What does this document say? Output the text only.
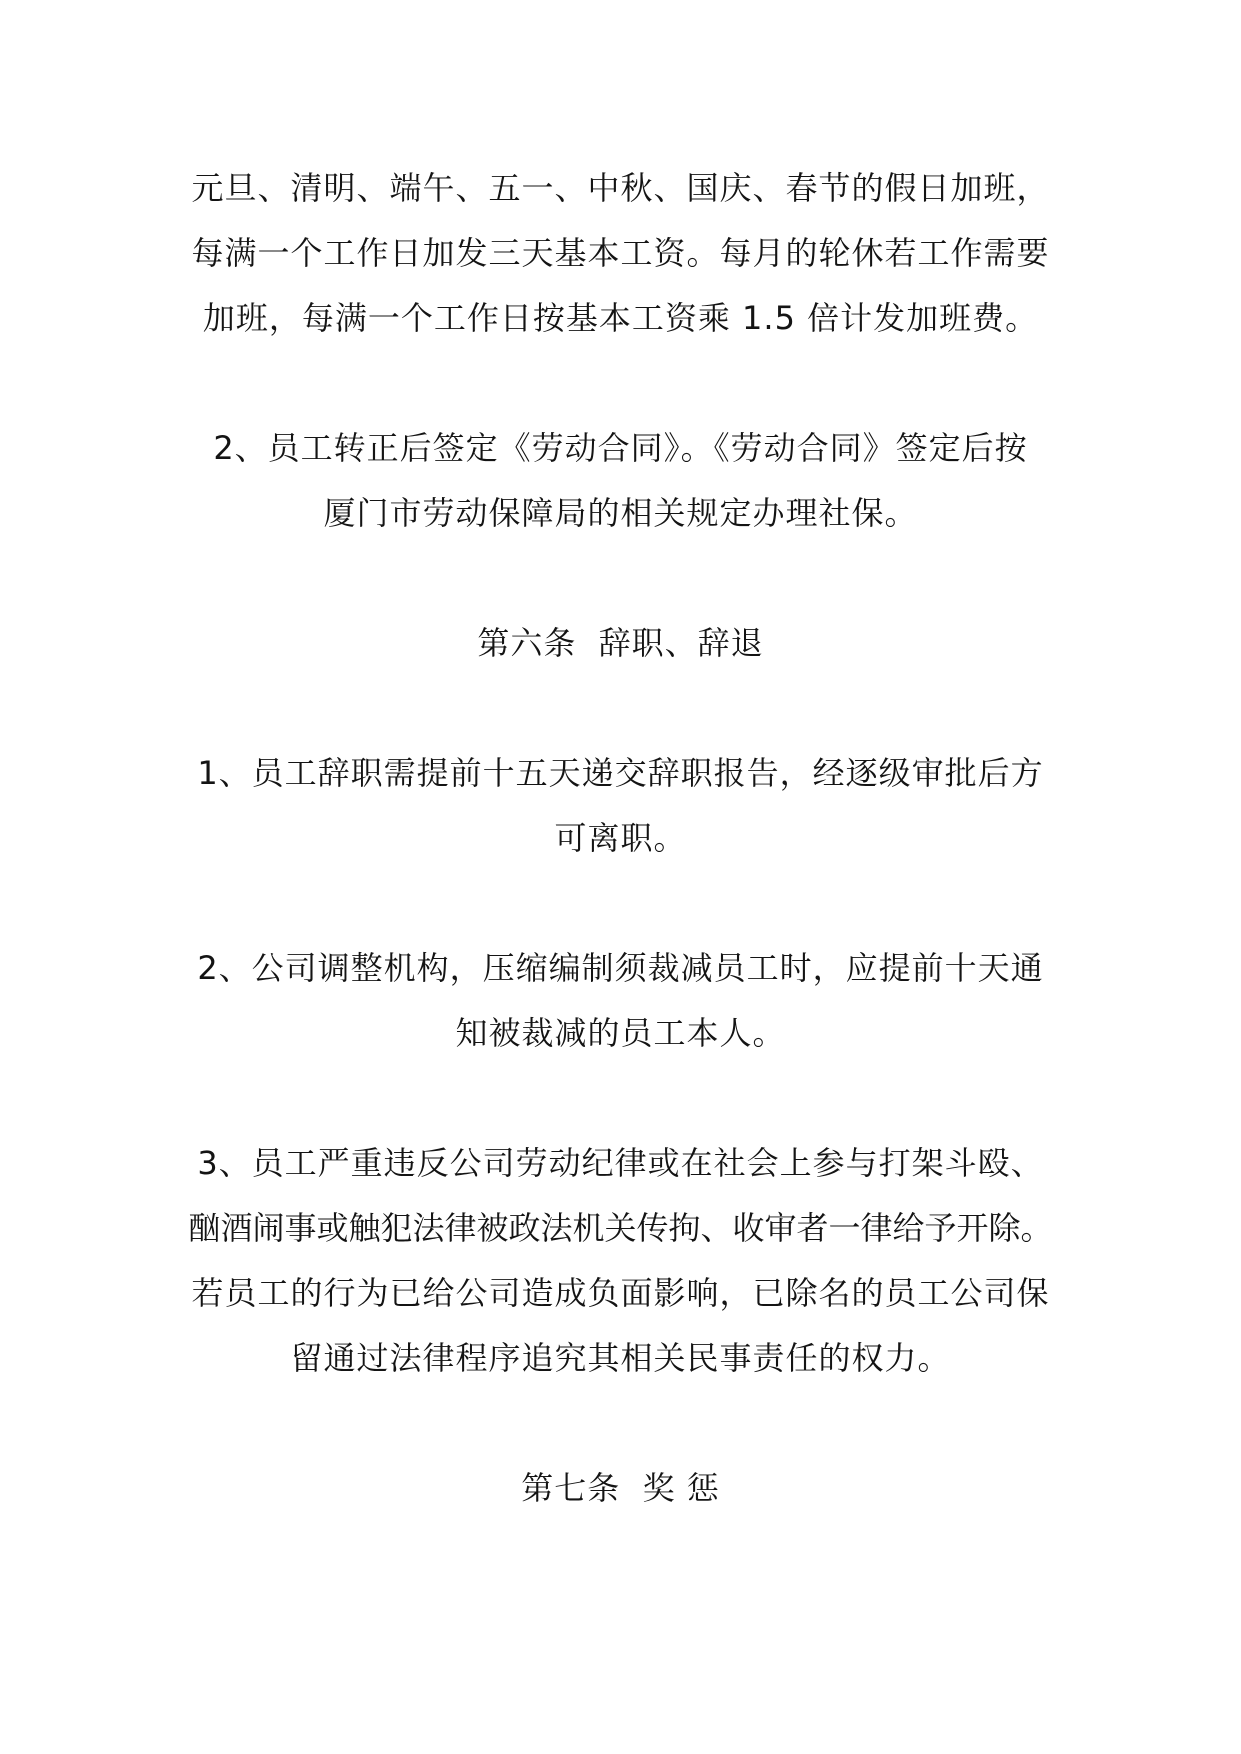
元旦、清明、端午、五一、中秋、国庆、春节的假日加班，
每满一个工作日加发三天基本工资。每月的轮休若工作需要
加班，每满一个工作日按基本工资乘 1.5 倍计发加班费。
2、员工转正后签定《劳动合同》。《劳动合同》签定后按
厦门市劳动保障局的相关规定办理社保。
第六条  辞职、辞退
1、员工辞职需提前十五天递交辞职报告，经逐级审批后方
可离职。
2、公司调整机构，压缩编制须裁减员工时，应提前十天通
知被裁减的员工本人。
3、员工严重违反公司劳动纪律或在社会上参与打架斗殴、
酗酒闹事或触犯法律被政法机关传拘、收审者一律给予开除。
若员工的行为已给公司造成负面影响，已除名的员工公司保
留通过法律程序追究其相关民事责任的权力。
第七条  奖 惩
